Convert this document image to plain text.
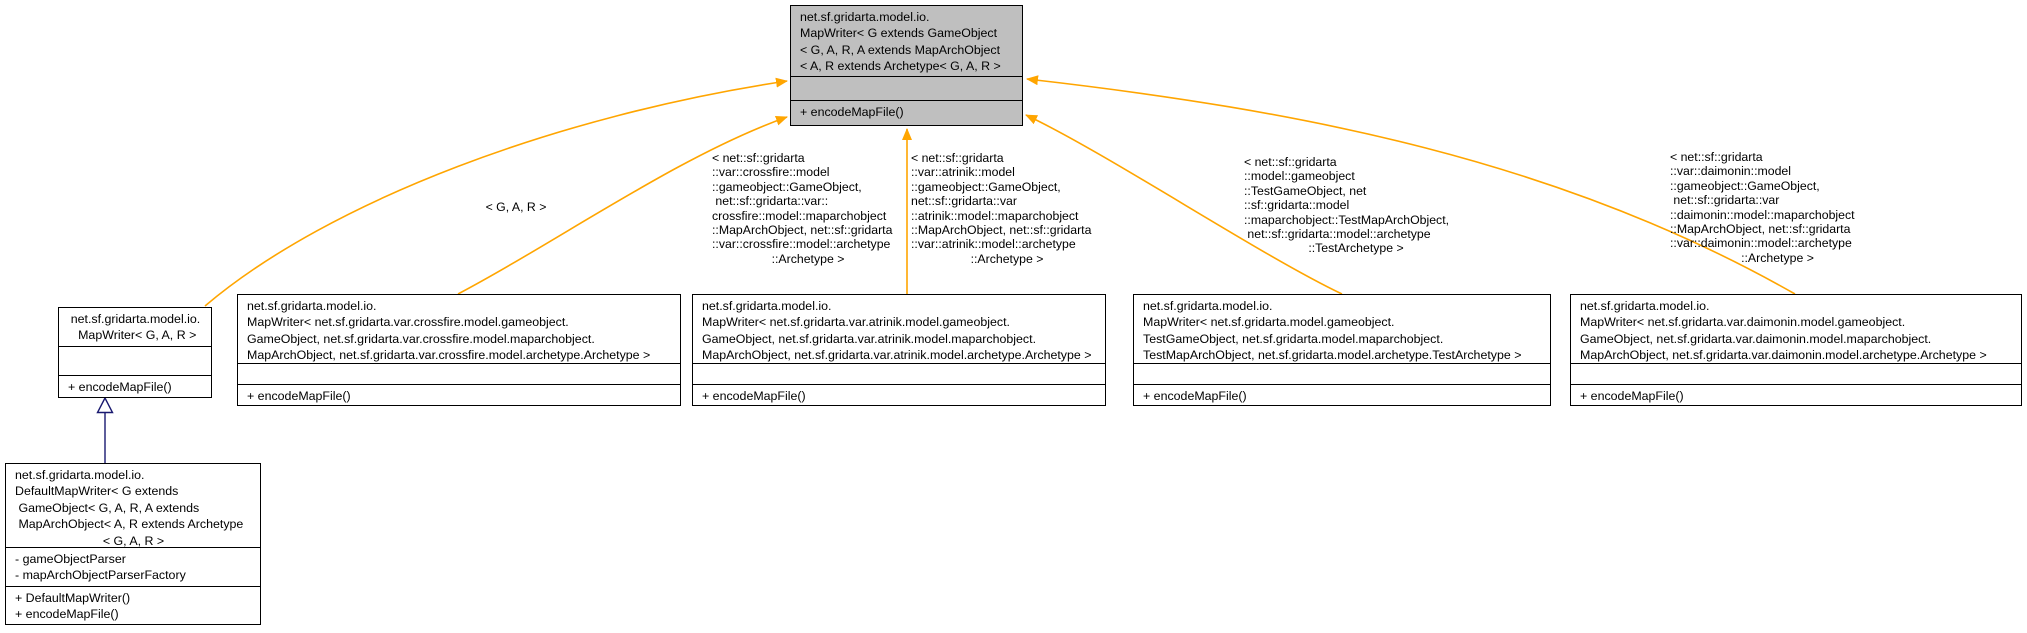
net.sf.gridarta.model.io.
MapWriter< G extends GameObject
< G, A, R, A extends MapArchObject
< A, R extends Archetype< G, A, R >
+ encodeMapFile()
net.sf.gridarta.model.io.
MapWriter< G, A, R >
+ encodeMapFile()
net.sf.gridarta.model.io.
MapWriter< net.sf.gridarta.var.crossfire.model.gameobject.
GameObject, net.sf.gridarta.var.crossfire.model.maparchobject.
MapArchObject, net.sf.gridarta.var.crossfire.model.archetype.Archetype >
+ encodeMapFile()
net.sf.gridarta.model.io.
MapWriter< net.sf.gridarta.var.atrinik.model.gameobject.
GameObject, net.sf.gridarta.var.atrinik.model.maparchobject.
MapArchObject, net.sf.gridarta.var.atrinik.model.archetype.Archetype >
+ encodeMapFile()
net.sf.gridarta.model.io.
MapWriter< net.sf.gridarta.model.gameobject.
TestGameObject, net.sf.gridarta.model.maparchobject.
TestMapArchObject, net.sf.gridarta.model.archetype.TestArchetype >
+ encodeMapFile()
net.sf.gridarta.model.io.
MapWriter< net.sf.gridarta.var.daimonin.model.gameobject.
GameObject, net.sf.gridarta.var.daimonin.model.maparchobject.
MapArchObject, net.sf.gridarta.var.daimonin.model.archetype.Archetype >
+ encodeMapFile()
net.sf.gridarta.model.io.
DefaultMapWriter< G extends
GameObject< G, A, R, A extends
MapArchObject< A, R extends Archetype
< G, A, R >
- gameObjectParser
- mapArchObjectParserFactory
+ DefaultMapWriter()
+ encodeMapFile()
< G, A, R >
< net::sf::gridarta
::var::crossfire::model
::gameobject::GameObject,
net::sf::gridarta::var::
crossfire::model::maparchobject
::MapArchObject, net::sf::gridarta
::var::crossfire::model::archetype
::Archetype >
< net::sf::gridarta
::var::atrinik::model
::gameobject::GameObject,
net::sf::gridarta::var
::atrinik::model::maparchobject
::MapArchObject, net::sf::gridarta
::var::atrinik::model::archetype
::Archetype >
< net::sf::gridarta
::model::gameobject
::TestGameObject, net
::sf::gridarta::model
::maparchobject::TestMapArchObject,
net::sf::gridarta::model::archetype
::TestArchetype >
< net::sf::gridarta
::var::daimonin::model
::gameobject::GameObject,
net::sf::gridarta::var
::daimonin::model::maparchobject
::MapArchObject, net::sf::gridarta
::var::daimonin::model::archetype
::Archetype >
